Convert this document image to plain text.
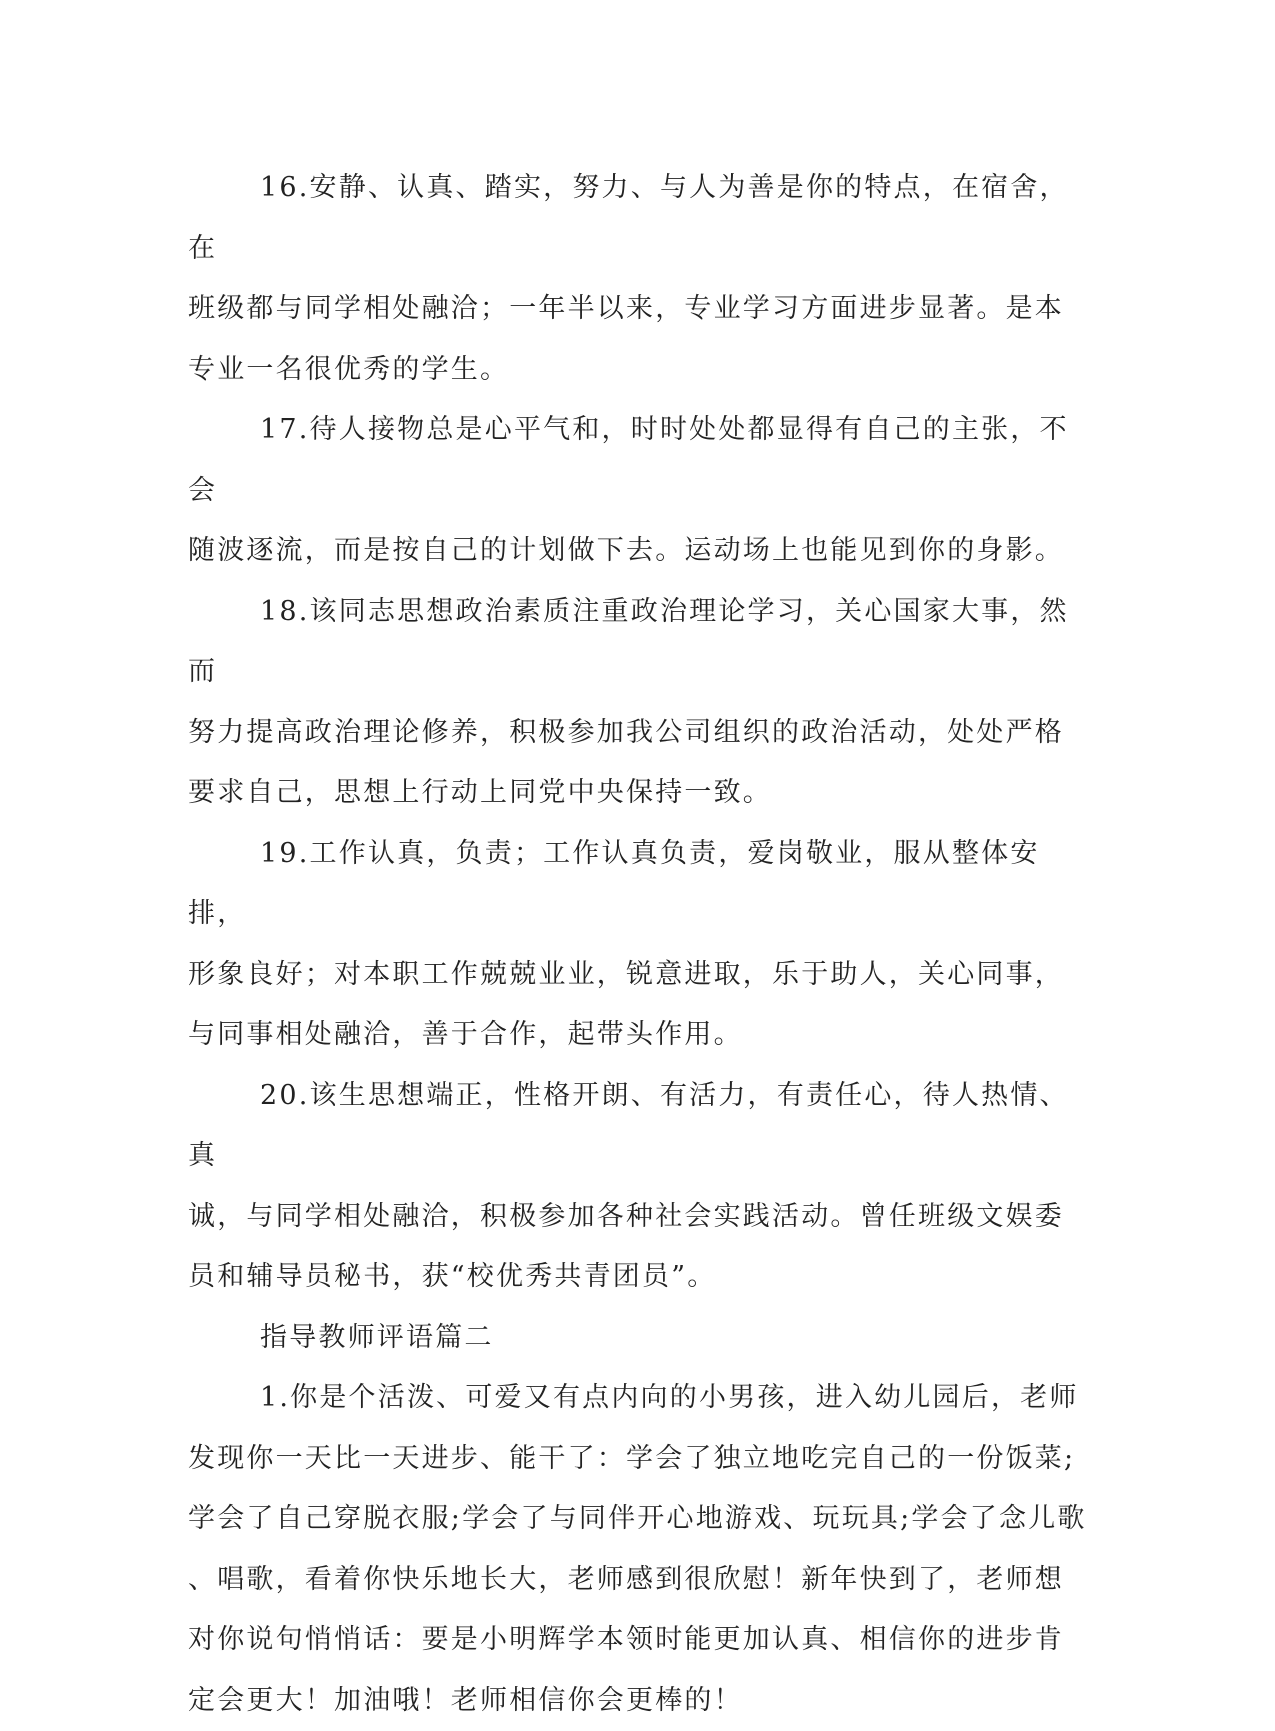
16.安静、认真、踏实，努力、与人为善是你的特点，在宿舍，在
班级都与同学相处融洽；一年半以来，专业学习方面进步显著。是本
专业一名很优秀的学生。

17.待人接物总是心平气和，时时处处都显得有自己的主张，不会
随波逐流，而是按自己的计划做下去。运动场上也能见到你的身影。

18.该同志思想政治素质注重政治理论学习，关心国家大事，然而
努力提高政治理论修养，积极参加我公司组织的政治活动，处处严格
要求自己，思想上行动上同党中央保持一致。

19.工作认真，负责；工作认真负责，爱岗敬业，服从整体安排，
形象良好；对本职工作兢兢业业，锐意进取，乐于助人，关心同事，
与同事相处融洽，善于合作，起带头作用。

20.该生思想端正，性格开朗、有活力，有责任心，待人热情、真
诚，与同学相处融洽，积极参加各种社会实践活动。曾任班级文娱委
员和辅导员秘书，获“校优秀共青团员”。

指导教师评语篇二

1.你是个活泼、可爱又有点内向的小男孩，进入幼儿园后，老师
发现你一天比一天进步、能干了：学会了独立地吃完自己的一份饭菜;
学会了自己穿脱衣服;学会了与同伴开心地游戏、玩玩具;学会了念儿歌
、唱歌，看着你快乐地长大，老师感到很欣慰！新年快到了，老师想
对你说句悄悄话：要是小明辉学本领时能更加认真、相信你的进步肯
定会更大！加油哦！老师相信你会更棒的！
